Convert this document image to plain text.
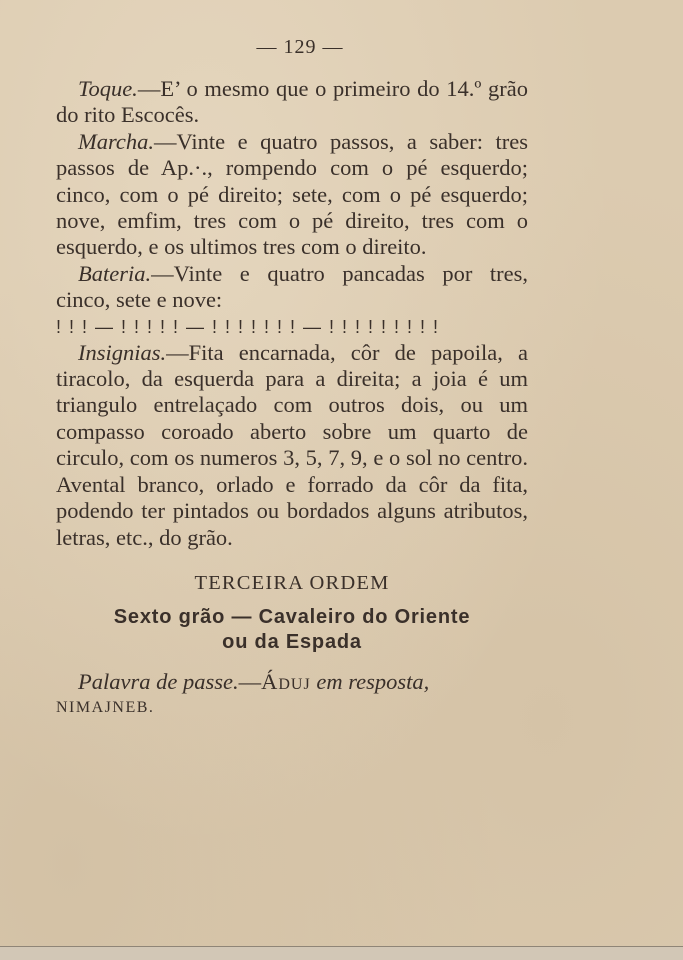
— 129 —

Toque.—E’ o mesmo que o primeiro do 14.º grão do rito Escocês.

Marcha.—Vinte e quatro passos, a saber: tres passos de Ap.·., rompendo com o pé esquerdo; cinco, com o pé direito; sete, com o pé esquerdo; nove, emfim, tres com o pé direito, tres com o esquerdo, e os ultimos tres com o direito.

Bateria.—Vinte e quatro pancadas por tres, cinco, sete e nove:

! ! ! — ! ! ! ! ! — ! ! ! ! ! ! ! — ! ! ! ! ! ! ! ! !

Insignias.—Fita encarnada, côr de papoila, a tiracolo, da esquerda para a direita; a joia é um triangulo entrelaçado com outros dois, ou um compasso coroado aberto sobre um quarto de circulo, com os numeros 3, 5, 7, 9, e o sol no centro. Avental branco, orlado e forrado da côr da fita, podendo ter pintados ou bordados alguns atributos, letras, etc., do grão.

TERCEIRA ORDEM
Sexto grão — Cavaleiro do Oriente
ou da Espada

Palavra de passe.—Áduj em resposta,

NIMAJNEB.
